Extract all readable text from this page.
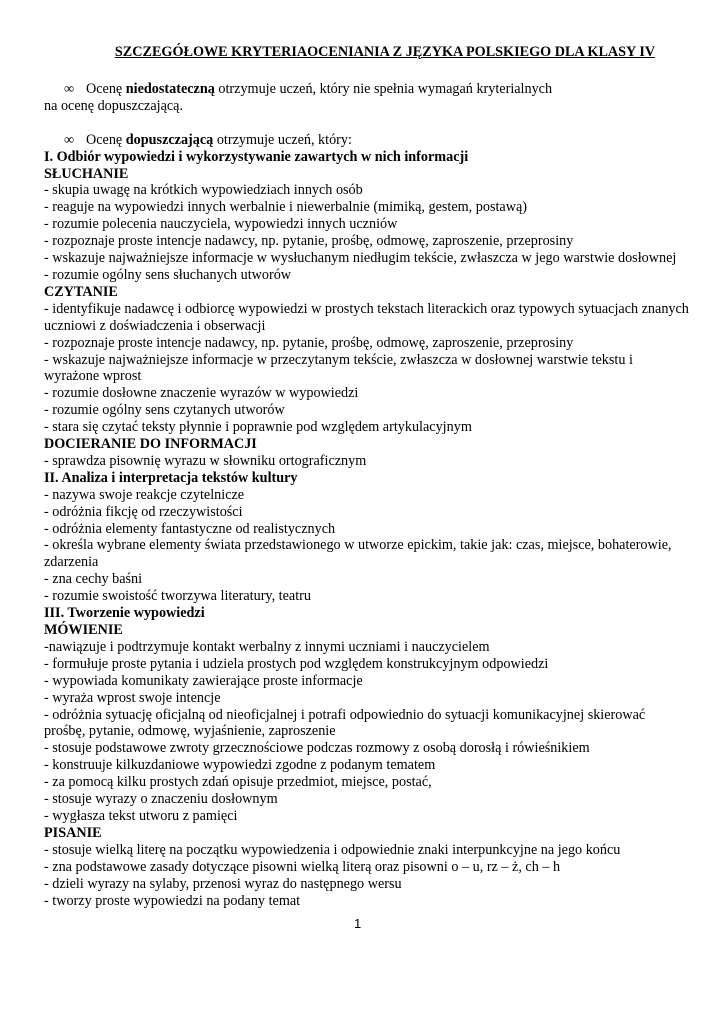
SZCZEGÓŁOWE KRYTERIAOCENIANIA Z JĘZYKA POLSKIEGO DLA KLASY IV
∞ Ocenę niedostateczną otrzymuje uczeń, który nie spełnia wymagań kryterialnych
na ocenę dopuszczającą.
∞ Ocenę dopuszczającą otrzymuje uczeń, który:
I. Odbiór wypowiedzi i wykorzystywanie zawartych w nich informacji
SŁUCHANIE
- skupia uwagę na krótkich wypowiedziach innych osób
- reaguje na wypowiedzi innych werbalnie i niewerbalnie (mimiką, gestem, postawą)
- rozumie polecenia nauczyciela, wypowiedzi innych uczniów
- rozpoznaje proste intencje nadawcy, np. pytanie, prośbę, odmowę, zaproszenie, przeprosiny
- wskazuje najważniejsze informacje w wysłuchanym niedługim tekście, zwłaszcza w jego warstwie dosłownej
- rozumie ogólny sens słuchanych utworów
CZYTANIE
- identyfikuje nadawcę i odbiorcę wypowiedzi w prostych tekstach literackich oraz typowych sytuacjach znanych uczniowi z doświadczenia i obserwacji
- rozpoznaje proste intencje nadawcy, np. pytanie, prośbę, odmowę, zaproszenie, przeprosiny
- wskazuje najważniejsze informacje w przeczytanym tekście, zwłaszcza w dosłownej warstwie tekstu i wyrażone wprost
- rozumie dosłowne znaczenie wyrazów w wypowiedzi
- rozumie ogólny sens czytanych utworów
- stara się czytać teksty płynnie i poprawnie pod względem artykulacyjnym
DOCIERANIE DO INFORMACJI
- sprawdza pisownię wyrazu w słowniku ortograficznym
II. Analiza i interpretacja tekstów kultury
- nazywa swoje reakcje czytelnicze
- odróżnia fikcję od rzeczywistości
- odróżnia elementy fantastyczne od realistycznych
- określa wybrane elementy świata przedstawionego w utworze epickim, takie jak: czas, miejsce, bohaterowie, zdarzenia
- zna cechy baśni
- rozumie swoistość tworzywa literatury, teatru
III. Tworzenie wypowiedzi
MÓWIENIE
-nawiązuje i podtrzymuje kontakt werbalny z innymi uczniami i nauczycielem
- formułuje proste pytania i udziela prostych pod względem konstrukcyjnym odpowiedzi
- wypowiada komunikaty zawierające proste informacje
- wyraża wprost swoje intencje
- odróżnia sytuację oficjalną od nieoficjalnej i potrafi odpowiednio do sytuacji komunikacyjnej skierować prośbę, pytanie, odmowę, wyjaśnienie, zaproszenie
- stosuje podstawowe zwroty grzecznościowe podczas rozmowy z osobą dorosłą i rówieśnikiem
- konstruuje kilkuzdaniowe wypowiedzi zgodne z podanym tematem
- za pomocą kilku prostych zdań opisuje przedmiot, miejsce, postać,
- stosuje wyrazy o znaczeniu dosłownym
- wygłasza tekst utworu z pamięci
PISANIE
- stosuje wielką literę na początku wypowiedzenia i odpowiednie znaki interpunkcyjne na jego końcu
- zna podstawowe zasady dotyczące pisowni wielką literą oraz pisowni o – u, rz – ż, ch – h
- dzieli wyrazy na sylaby, przenosi wyraz do następnego wersu
- tworzy proste wypowiedzi na podany temat
1
